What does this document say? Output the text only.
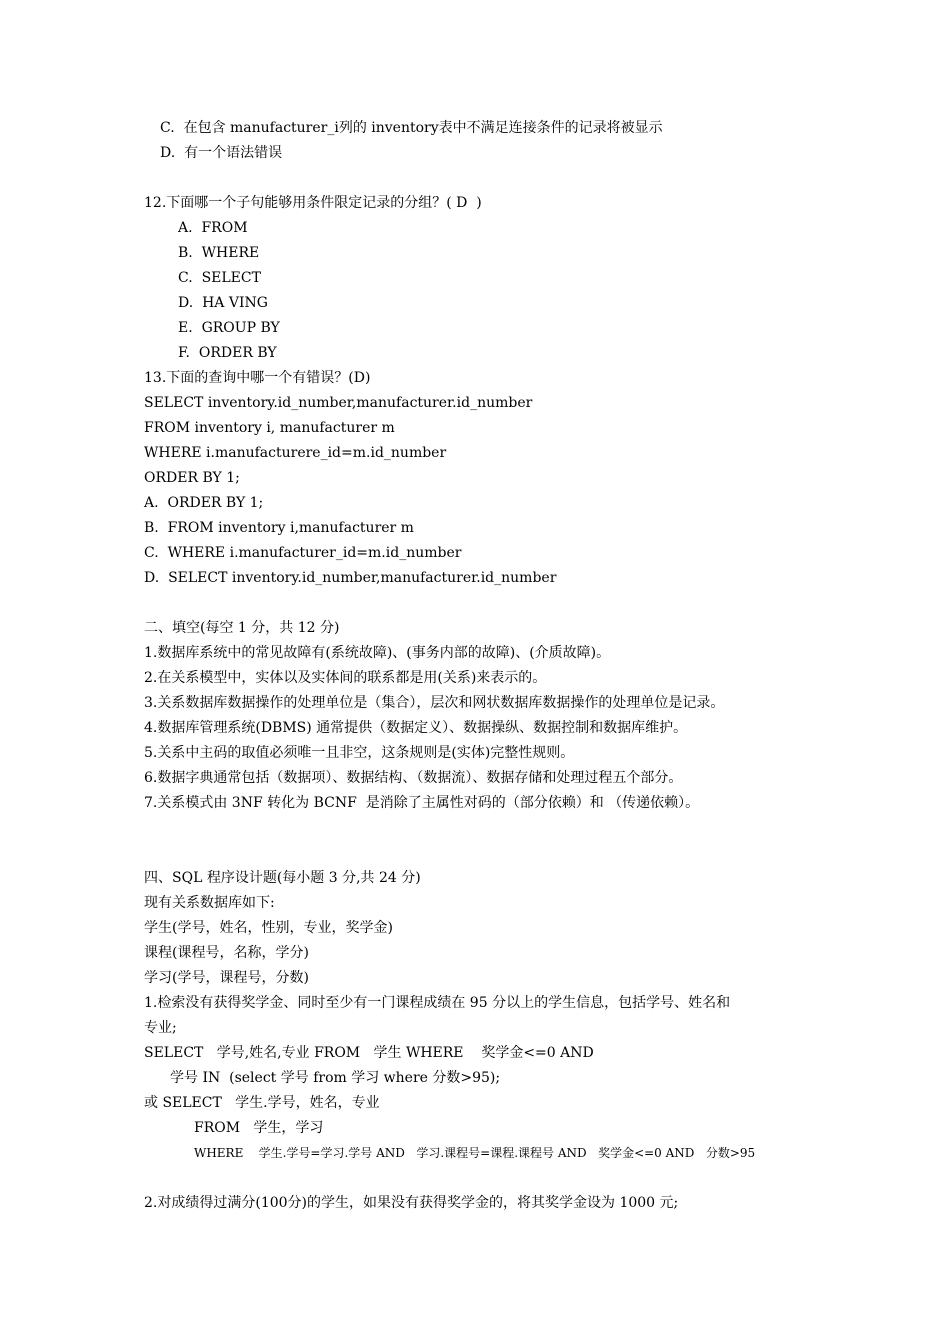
C.  在包含 manufacturer_i列的 inventory表中不满足连接条件的记录将被显示
D.  有一个语法错误
12.下面哪一个子句能够用条件限定记录的分组？( D  )
A.  FROM
B.  WHERE
C.  SELECT
D.  HA VING
E.  GROUP BY
F.  ORDER BY
13.下面的查询中哪一个有错误？(D)
SELECT inventory.id_number,manufacturer.id_number
FROM inventory i, manufacturer m
WHERE i.manufacturere_id=m.id_number
ORDER BY 1;
A.  ORDER BY 1;
B.  FROM inventory i,manufacturer m
C.  WHERE i.manufacturer_id=m.id_number
D.  SELECT inventory.id_number,manufacturer.id_number
二、填空(每空 1 分，共 12 分)
1.数据库系统中的常见故障有(系统故障)、(事务内部的故障)、(介质故障)。
2.在关系模型中，实体以及实体间的联系都是用(关系)来表示的。
3.关系数据库数据操作的处理单位是（集合），层次和网状数据库数据操作的处理单位是记录。
4.数据库管理系统(DBMS) 通常提供（数据定义）、数据操纵、数据控制和数据库维护。
5.关系中主码的取值必须唯一且非空，这条规则是(实体)完整性规则。
6.数据字典通常包括（数据项）、数据结构、（数据流）、数据存储和处理过程五个部分。
7.关系模式由 3NF 转化为 BCNF  是消除了主属性对码的（部分依赖）和 （传递依赖）。
四、SQL 程序设计题(每小题 3 分,共 24 分)
现有关系数据库如下:
学生(学号，姓名，性别，专业，奖学金)
课程(课程号，名称，学分)
学习(学号，课程号，分数)
1.检索没有获得奖学金、同时至少有一门课程成绩在 95 分以上的学生信息，包括学号、姓名和
专业;
SELECT   学号,姓名,专业 FROM   学生 WHERE    奖学金<=0 AND
学号 IN  (select 学号 from 学习 where 分数>95);
或 SELECT   学生.学号，姓名，专业
FROM   学生，学习
WHERE    学生.学号=学习.学号 AND   学习.课程号=课程.课程号 AND   奖学金<=0 AND   分数>95
2.对成绩得过满分(100分)的学生，如果没有获得奖学金的，将其奖学金设为 1000 元;
